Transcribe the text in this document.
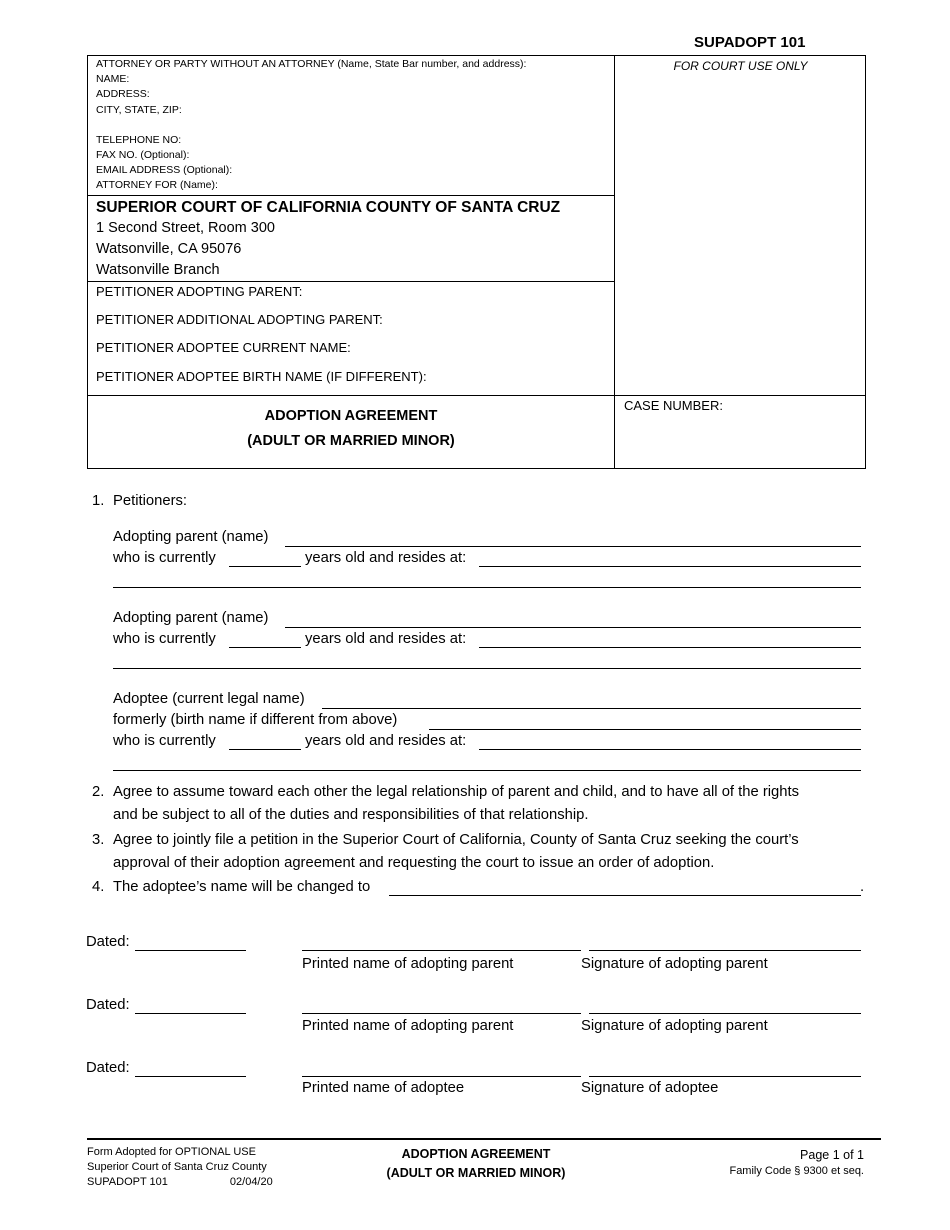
SUPADOPT 101
ATTORNEY OR PARTY WITHOUT AN ATTORNEY (Name, State Bar number, and address):
NAME:
ADDRESS:
CITY, STATE, ZIP:
TELEPHONE NO:
FAX NO. (Optional):
EMAIL ADDRESS (Optional):
ATTORNEY FOR (Name):
FOR COURT USE ONLY
SUPERIOR COURT OF CALIFORNIA COUNTY OF SANTA CRUZ
1 Second Street, Room 300
Watsonville, CA 95076
Watsonville Branch
PETITIONER ADOPTING PARENT:
PETITIONER ADDITIONAL ADOPTING PARENT:
PETITIONER ADOPTEE CURRENT NAME:
PETITIONER ADOPTEE BIRTH NAME (IF DIFFERENT):
ADOPTION AGREEMENT
(ADULT OR MARRIED MINOR)
CASE NUMBER:
1. Petitioners:
Adopting parent (name)
who is currently	years old and resides at:
Adopting parent (name)
who is currently	years old and resides at:
Adoptee (current legal name)
formerly (birth name if different from above)
who is currently	years old and resides at:
2. Agree to assume toward each other the legal relationship of parent and child, and to have all of the rights
and be subject to all of the duties and responsibilities of that relationship.
3. Agree to jointly file a petition in the Superior Court of California, County of Santa Cruz seeking the court’s
approval of their adoption agreement and requesting the court to issue an order of adoption.
4. The adoptee’s name will be changed to	.
Dated:
Printed name of adopting parent	Signature of adopting parent
Dated:
Printed name of adopting parent	Signature of adopting parent
Dated:
Printed name of adoptee	Signature of adoptee
Form Adopted for OPTIONAL USE
Superior Court of Santa Cruz County
SUPADOPT 101	02/04/20
ADOPTION AGREEMENT
(ADULT OR MARRIED MINOR)
Page 1 of 1
Family Code § 9300 et seq.
